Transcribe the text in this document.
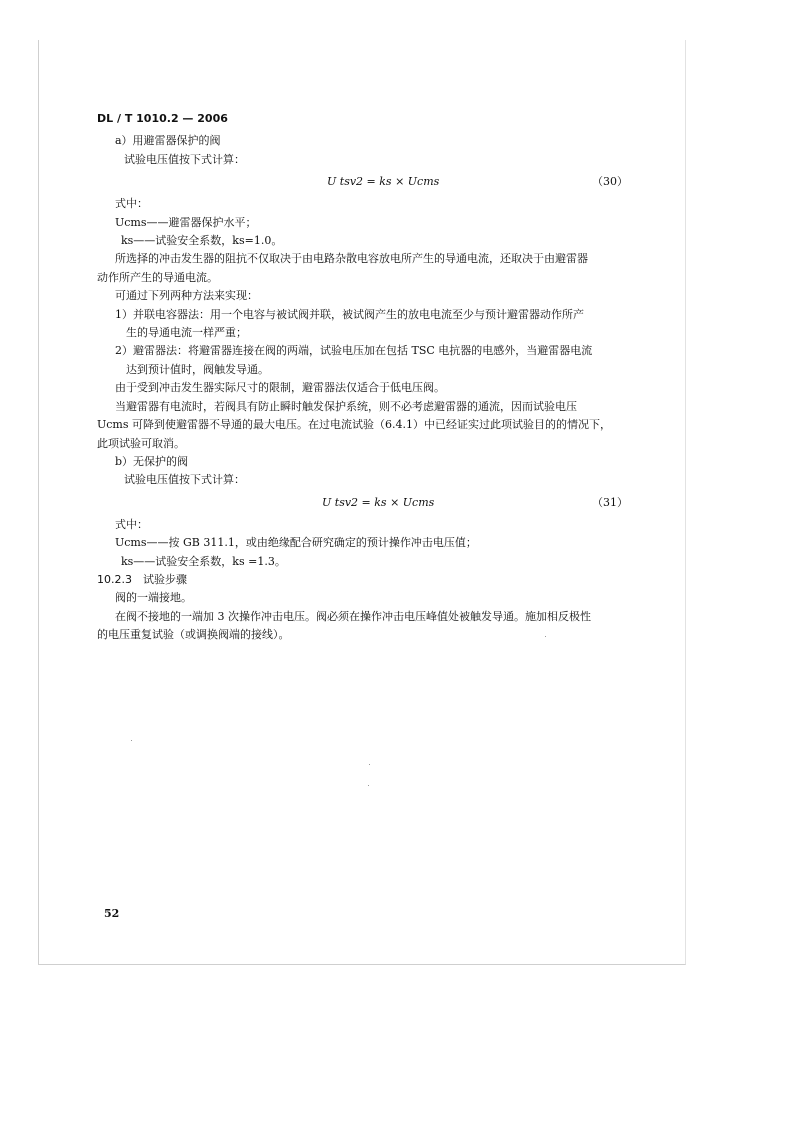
DL / T 1010.2 — 2006
a）用避雷器保护的阀
试验电压值按下式计算：
U tsv2 = ks × Ucms	（30）
式中：
Ucms——避雷器保护水平；
ks——试验安全系数，ks=1.0。
所选择的冲击发生器的阻抗不仅取决于由电路杂散电容放电所产生的导通电流，还取决于由避雷器
动作所产生的导通电流。
可通过下列两种方法来实现：
1）并联电容器法：用一个电容与被试阀并联，被试阀产生的放电电流至少与预计避雷器动作所产
生的导通电流一样严重；
2）避雷器法：将避雷器连接在阀的两端，试验电压加在包括 TSC 电抗器的电感外，当避雷器电流
达到预计值时，阀触发导通。
由于受到冲击发生器实际尺寸的限制，避雷器法仅适合于低电压阀。
当避雷器有电流时，若阀具有防止瞬时触发保护系统，则不必考虑避雷器的通流，因而试验电压
Ucms 可降到使避雷器不导通的最大电压。在过电流试验（6.4.1）中已经证实过此项试验目的的情况下，
此项试验可取消。
b）无保护的阀
试验电压值按下式计算：
U tsv2 = ks × Ucms	（31）
式中：
Ucms——按 GB 311.1，或由绝缘配合研究确定的预计操作冲击电压值；
ks——试验安全系数，ks =1.3。
10.2.3　试验步骤
阀的一端接地。
在阀不接地的一端加 3 次操作冲击电压。阀必须在操作冲击电压峰值处被触发导通。施加相反极性
的电压重复试验（或调换阀端的接线）。
52
